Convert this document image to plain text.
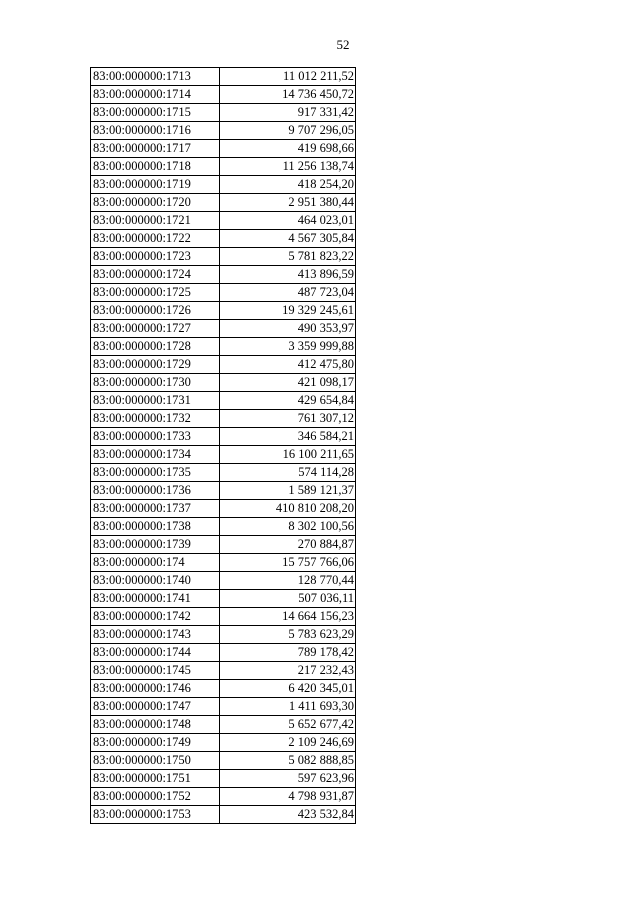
52
83:00:000000:1713	11 012 211,52
83:00:000000:1714	14 736 450,72
83:00:000000:1715	917 331,42
83:00:000000:1716	9 707 296,05
83:00:000000:1717	419 698,66
83:00:000000:1718	11 256 138,74
83:00:000000:1719	418 254,20
83:00:000000:1720	2 951 380,44
83:00:000000:1721	464 023,01
83:00:000000:1722	4 567 305,84
83:00:000000:1723	5 781 823,22
83:00:000000:1724	413 896,59
83:00:000000:1725	487 723,04
83:00:000000:1726	19 329 245,61
83:00:000000:1727	490 353,97
83:00:000000:1728	3 359 999,88
83:00:000000:1729	412 475,80
83:00:000000:1730	421 098,17
83:00:000000:1731	429 654,84
83:00:000000:1732	761 307,12
83:00:000000:1733	346 584,21
83:00:000000:1734	16 100 211,65
83:00:000000:1735	574 114,28
83:00:000000:1736	1 589 121,37
83:00:000000:1737	410 810 208,20
83:00:000000:1738	8 302 100,56
83:00:000000:1739	270 884,87
83:00:000000:174	15 757 766,06
83:00:000000:1740	128 770,44
83:00:000000:1741	507 036,11
83:00:000000:1742	14 664 156,23
83:00:000000:1743	5 783 623,29
83:00:000000:1744	789 178,42
83:00:000000:1745	217 232,43
83:00:000000:1746	6 420 345,01
83:00:000000:1747	1 411 693,30
83:00:000000:1748	5 652 677,42
83:00:000000:1749	2 109 246,69
83:00:000000:1750	5 082 888,85
83:00:000000:1751	597 623,96
83:00:000000:1752	4 798 931,87
83:00:000000:1753	423 532,84
